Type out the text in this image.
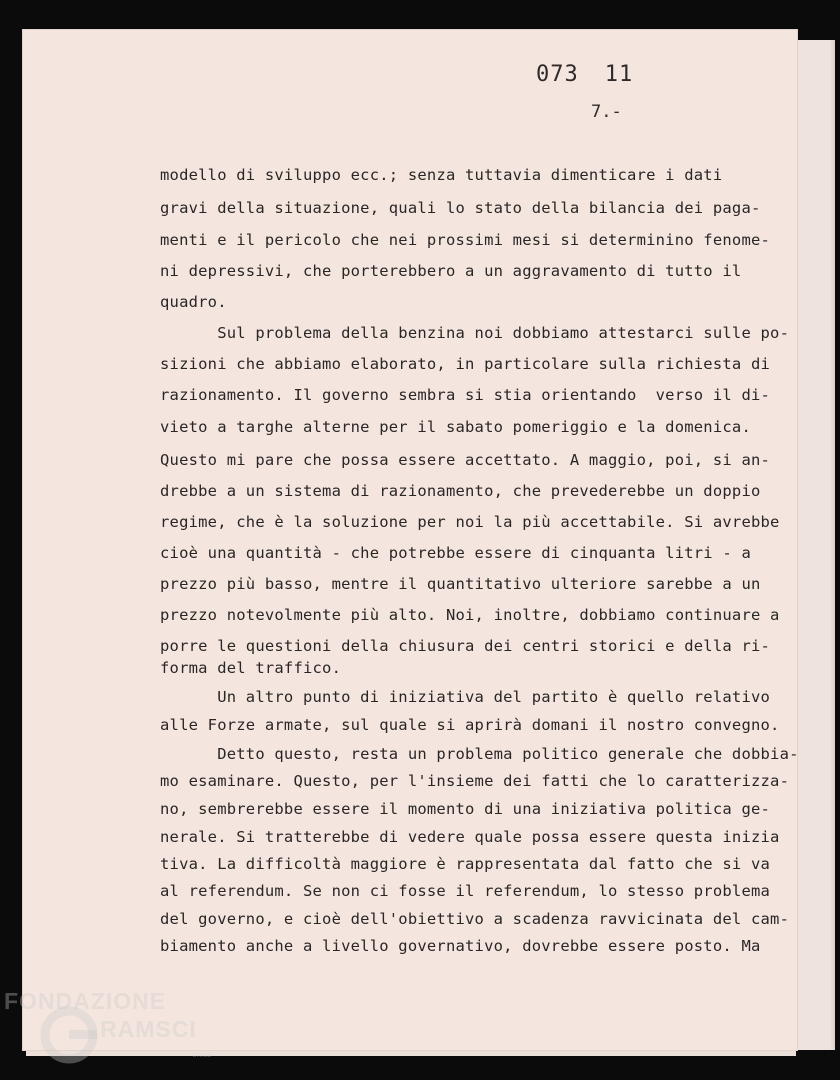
073 11
7.-
modello di sviluppo ecc.; senza tuttavia dimenticare i dati
gravi della situazione, quali lo stato della bilancia dei paga-
menti e il pericolo che nei prossimi mesi si determinino fenome-
ni depressivi, che porterebbero a un aggravamento di tutto il
quadro.
Sul problema della benzina noi dobbiamo attestarci sulle po-
sizioni che abbiamo elaborato, in particolare sulla richiesta di
razionamento. Il governo sembra si stia orientando  verso il di-
vieto a targhe alterne per il sabato pomeriggio e la domenica.
Questo mi pare che possa essere accettato. A maggio, poi, si an-
drebbe a un sistema di razionamento, che prevederebbe un doppio
regime, che è la soluzione per noi la più accettabile. Si avrebbe
cioè una quantità - che potrebbe essere di cinquanta litri - a
prezzo più basso, mentre il quantitativo ulteriore sarebbe a un
prezzo notevolmente più alto. Noi, inoltre, dobbiamo continuare a
porre le questioni della chiusura dei centri storici e della ri-
forma del traffico.
Un altro punto di iniziativa del partito è quello relativo
alle Forze armate, sul quale si aprirà domani il nostro convegno.
Detto questo, resta un problema politico generale che dobbia-
mo esaminare. Questo, per l'insieme dei fatti che lo caratterizza-
no, sembrerebbe essere il momento di una iniziativa politica ge-
nerale. Si tratterebbe di vedere quale possa essere questa inizia
tiva. La difficoltà maggiore è rappresentata dal fatto che si va
al referendum. Se non ci fosse il referendum, lo stesso problema
del governo, e cioè dell'obiettivo a scadenza ravvicinata del cam-
biamento anche a livello governativo, dovrebbe essere posto. Ma
FONDAZIONE
RAMSCI
onlus
